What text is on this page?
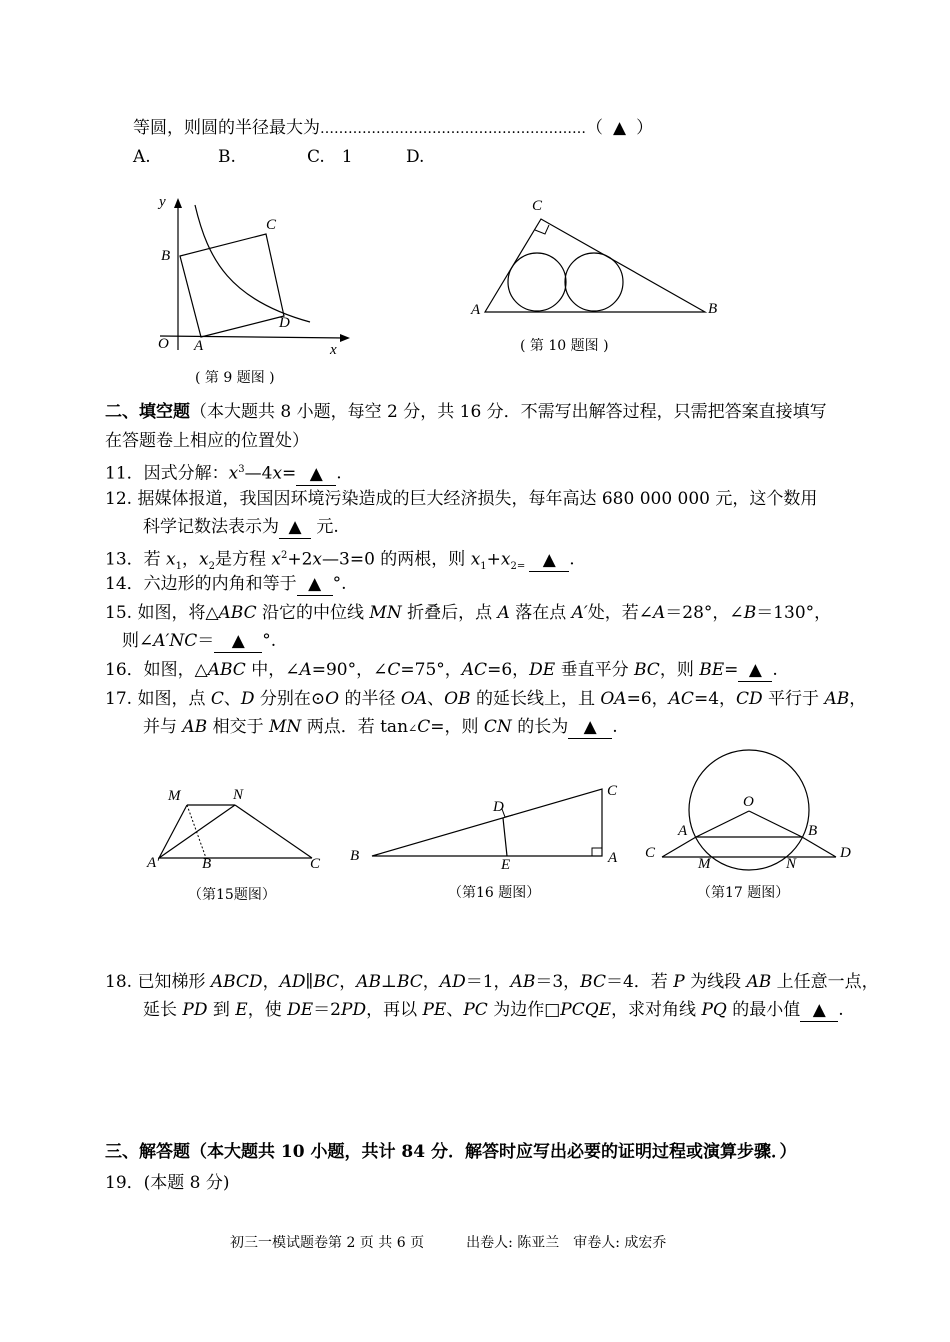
等圆，则圆的半径最大为…………………………………………………（ ▲ ）
A.	B.	C.　1	D.
y
x
O A
B
C
D
( 第 9 题图 )
A
C
B
( 第 10 题图 )
二、填空题（本大题共 8 小题，每空 2 分，共 16 分．不需写出解答过程，只需把答案直接填写
在答题卷上相应的位置处）
11．因式分解：$x^3—4x=$ ▲ .
12. 据媒体报道，我国因环境污染造成的巨大经济损失，每年高达 680 000 000 元，这个数用
科学记数法表示为 ▲ 元.
13．若 $x_1$，$x_2$是方程 $x^2+2x—3=0$ 的两根，则 $x_1+x_{2=}$ ▲ .
14．六边形的内角和等于 ▲ °.
15. 如图，将△ABC 沿它的中位线 MN 折叠后，点 A 落在点 A′处，若∠A＝28°，∠B＝130°，
则∠A′NC＝ ▲ °.
16．如图，△ABC 中，∠A=90°，∠C=75°，AC=6，DE 垂直平分 BC，则 BE= ▲ .
17. 如图，点 C、D 分别在⊙O 的半径 OA、OB 的延长线上，且 OA=6，AC=4，CD 平行于 AB，
并与 AB 相交于 MN 两点．若 tan∠C=，则 CN 的长为 ▲ .
M	N
A′	B	C
（第15题图）
B
D
E
C
A
（第16 题图）
O
A	B
C	D
M	N
（第17 题图）
18. 已知梯形 ABCD，AD∥BC，AB⊥BC，AD＝1，AB＝3，BC＝4．若 P 为线段 AB 上任意一点，
延长 PD 到 E，使 DE＝2PD，再以 PE、PC 为边作□PCQE，求对角线 PQ 的最小值 ▲ .
三、解答题（本大题共 10 小题，共计 84 分．解答时应写出必要的证明过程或演算步骤．）
19．(本题 8 分)
初三一模试题卷第 2 页 共 6 页　　　出卷人: 陈亚兰　审卷人: 成宏乔
